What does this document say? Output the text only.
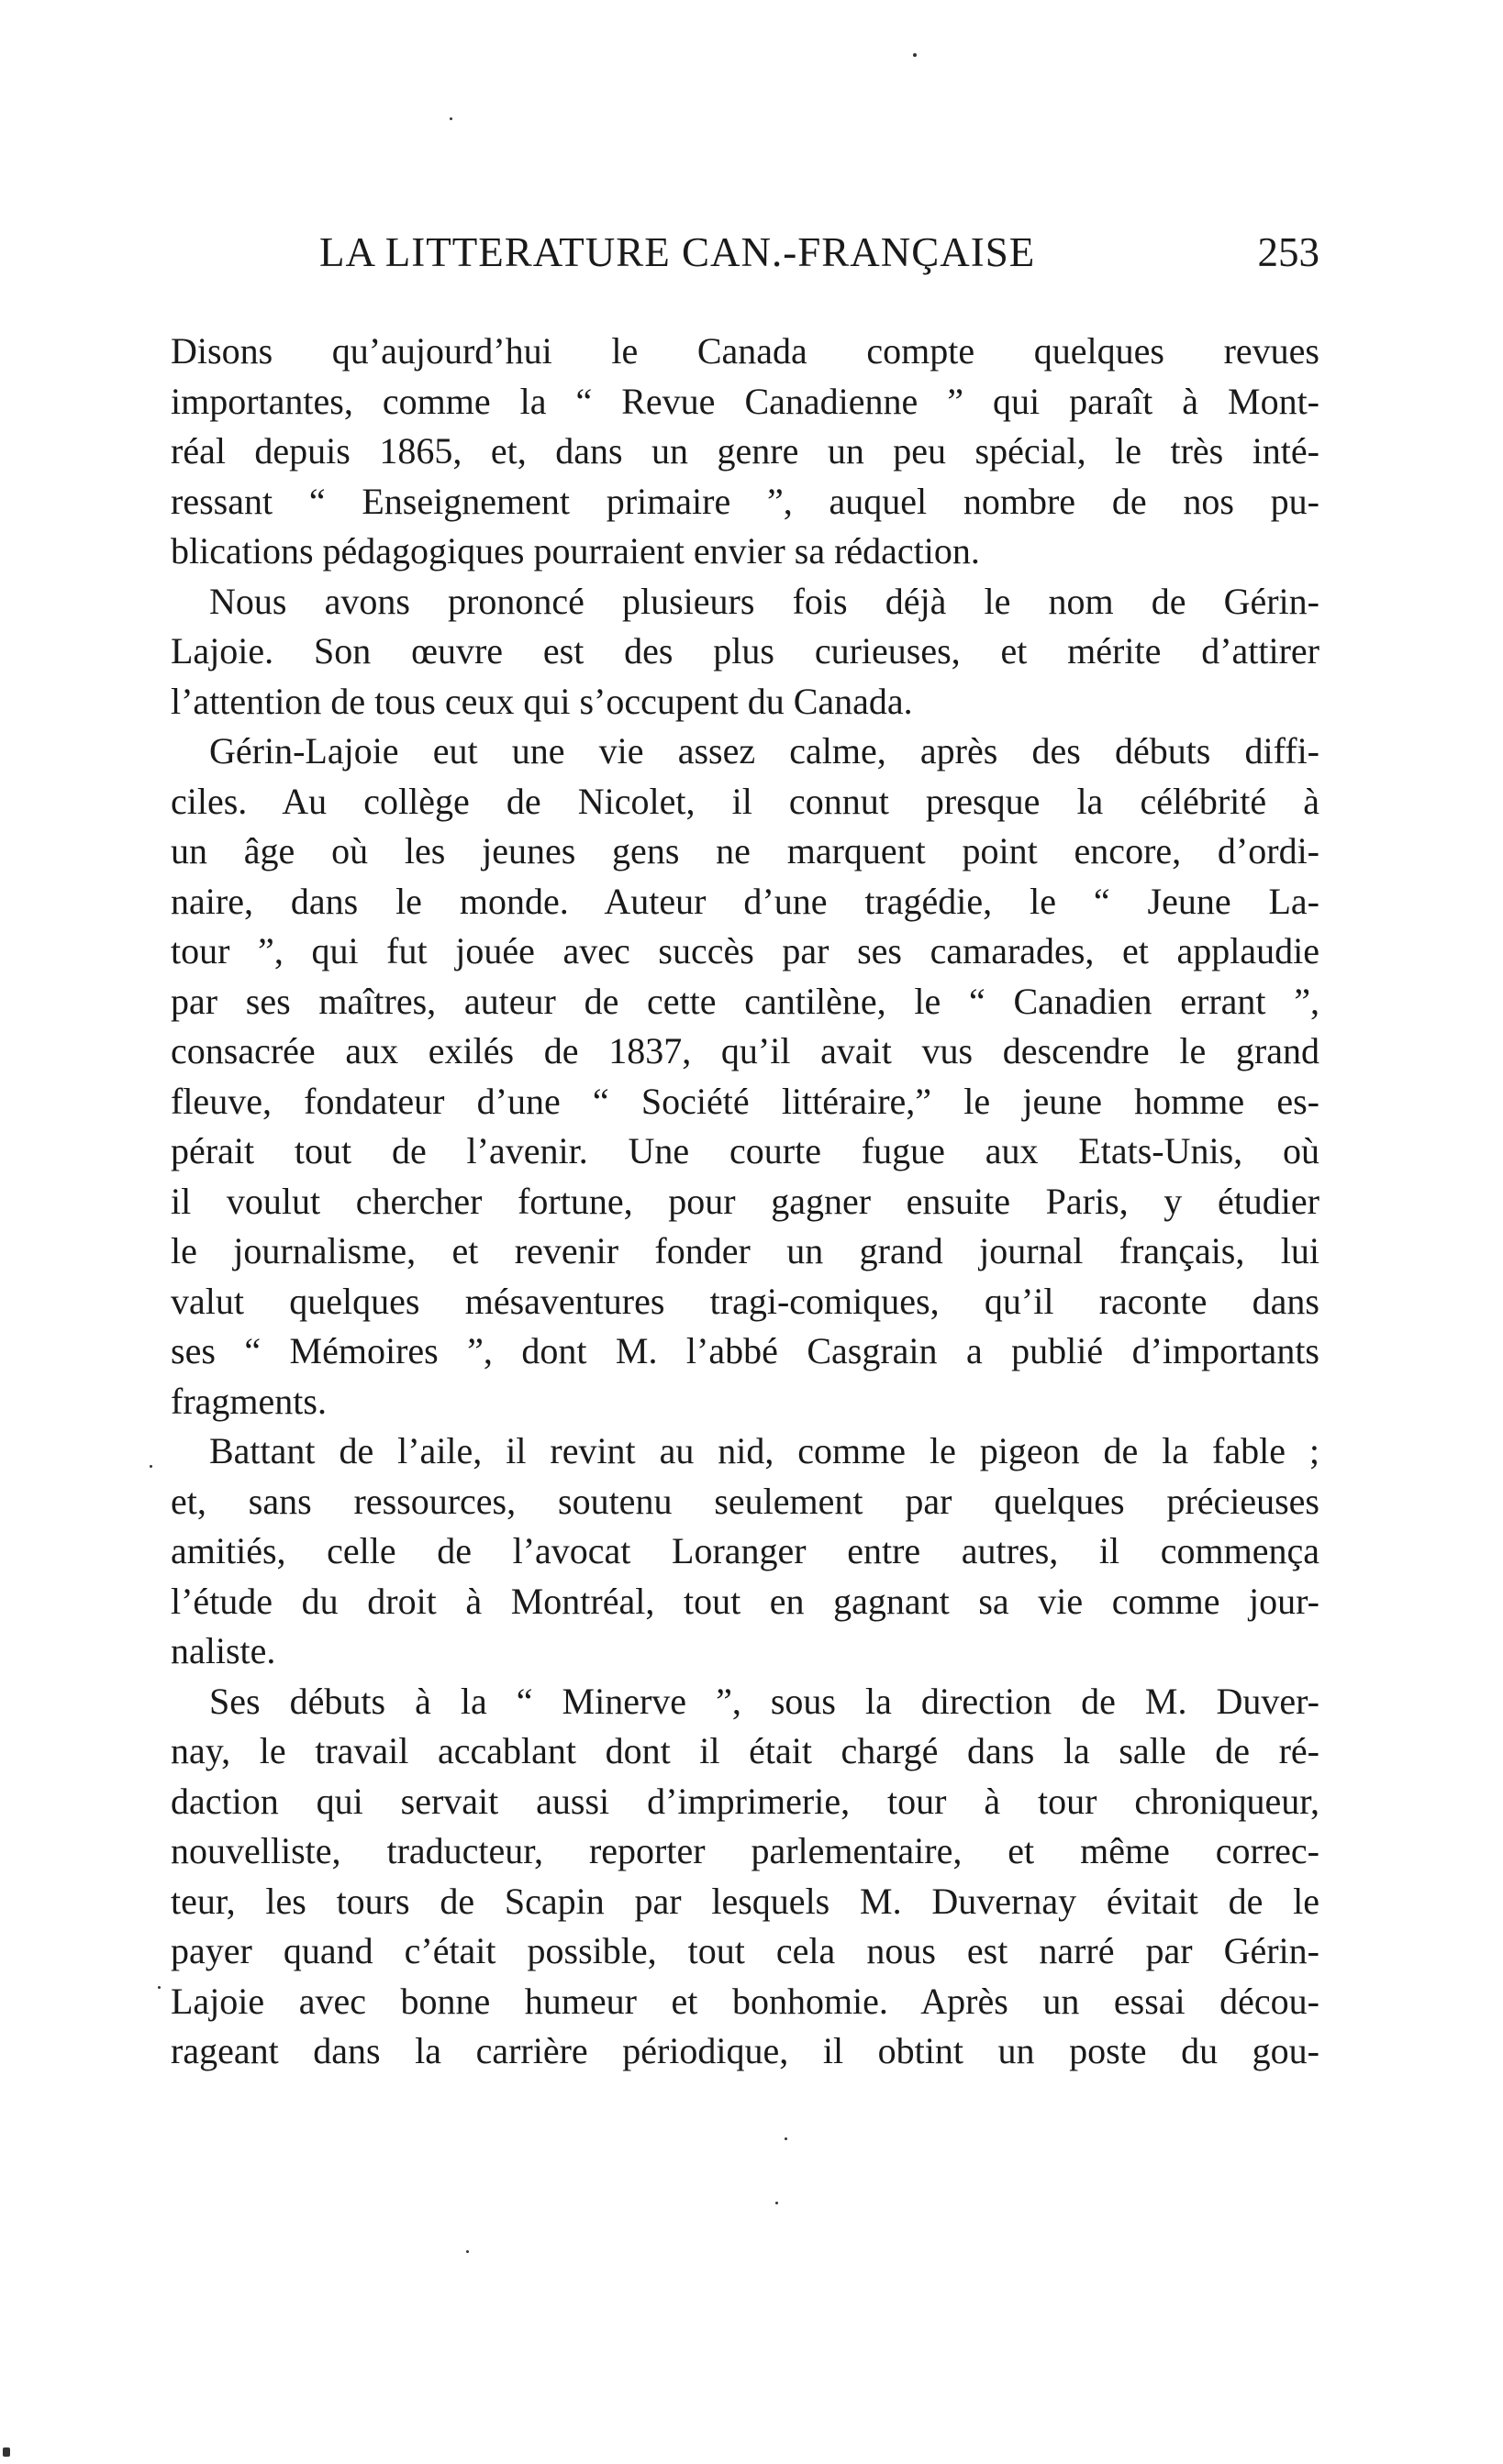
LA LITTERATURE CAN.-FRANÇAISE	253
Disons qu’aujourd’hui le Canada compte quelques revues
importantes, comme la “ Revue Canadienne ” qui paraît à Mont-
réal depuis 1865, et, dans un genre un peu spécial, le très inté-
ressant “ Enseignement primaire ”, auquel nombre de nos pu-
blications pédagogiques pourraient envier sa rédaction.
Nous avons prononcé plusieurs fois déjà le nom de Gérin-
Lajoie. Son œuvre est des plus curieuses, et mérite d’attirer
l’attention de tous ceux qui s’occupent du Canada.
Gérin-Lajoie eut une vie assez calme, après des débuts diffi-
ciles. Au collège de Nicolet, il connut presque la célébrité à
un âge où les jeunes gens ne marquent point encore, d’ordi-
naire, dans le monde. Auteur d’une tragédie, le “ Jeune La-
tour ”, qui fut jouée avec succès par ses camarades, et applaudie
par ses maîtres, auteur de cette cantilène, le “ Canadien errant ”,
consacrée aux exilés de 1837, qu’il avait vus descendre le grand
fleuve, fondateur d’une “ Société littéraire,” le jeune homme es-
pérait tout de l’avenir. Une courte fugue aux Etats-Unis, où
il voulut chercher fortune, pour gagner ensuite Paris, y étudier
le journalisme, et revenir fonder un grand journal français, lui
valut quelques mésaventures tragi-comiques, qu’il raconte dans
ses “ Mémoires ”, dont M. l’abbé Casgrain a publié d’importants
fragments.
Battant de l’aile, il revint au nid, comme le pigeon de la fable ;
et, sans ressources, soutenu seulement par quelques précieuses
amitiés, celle de l’avocat Loranger entre autres, il commença
l’étude du droit à Montréal, tout en gagnant sa vie comme jour-
naliste.
Ses débuts à la “ Minerve ”, sous la direction de M. Duver-
nay, le travail accablant dont il était chargé dans la salle de ré-
daction qui servait aussi d’imprimerie, tour à tour chroniqueur,
nouvelliste, traducteur, reporter parlementaire, et même correc-
teur, les tours de Scapin par lesquels M. Duvernay évitait de le
payer quand c’était possible, tout cela nous est narré par Gérin-
Lajoie avec bonne humeur et bonhomie. Après un essai décou-
rageant dans la carrière périodique, il obtint un poste du gou-
